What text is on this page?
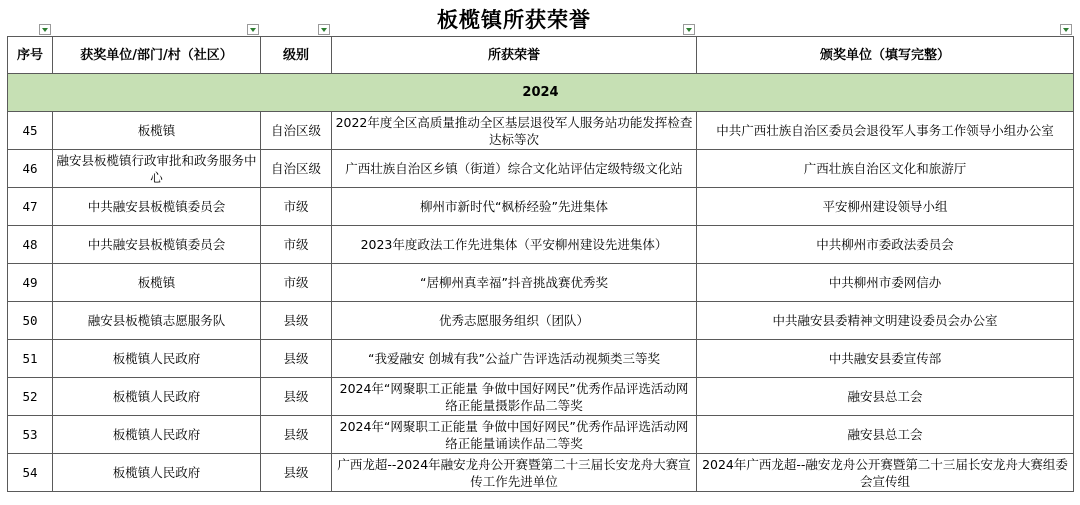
	板榄镇所获荣誉

序号	获奖单位/部门/村（社区）	级别	所获荣誉	颁奖单位（填写完整）
2024				
45	板榄镇	自治区级	2022年度全区高质量推动全区基层退役军人服务站功能发挥检查达标等次	中共广西壮族自治区委员会退役军人事务工作领导小组办公室
46	融安县板榄镇行政审批和政务服务中心	自治区级	广西壮族自治区乡镇（街道）综合文化站评估定级特级文化站	广西壮族自治区文化和旅游厅
47	中共融安县板榄镇委员会	市级	柳州市新时代“枫桥经验”先进集体	平安柳州建设领导小组
48	中共融安县板榄镇委员会	市级	2023年度政法工作先进集体（平安柳州建设先进集体）	中共柳州市委政法委员会
49	板榄镇	市级	“居柳州真幸福”抖音挑战赛优秀奖	中共柳州市委网信办
50	融安县板榄镇志愿服务队	县级	优秀志愿服务组织（团队）	中共融安县委精神文明建设委员会办公室
51	板榄镇人民政府	县级	“我爱融安 创城有我”公益广告评选活动视频类三等奖	中共融安县委宣传部
52	板榄镇人民政府	县级	2024年“网聚职工正能量 争做中国好网民”优秀作品评选活动网络正能量摄影作品二等奖	融安县总工会
53	板榄镇人民政府	县级	2024年“网聚职工正能量 争做中国好网民”优秀作品评选活动网络正能量诵读作品二等奖	融安县总工会
54	板榄镇人民政府	县级	广西龙超--2024年融安龙舟公开赛暨第二十三届长安龙舟大赛宣传工作先进单位	2024年广西龙超--融安龙舟公开赛暨第二十三届长安龙舟大赛组委会宣传组
